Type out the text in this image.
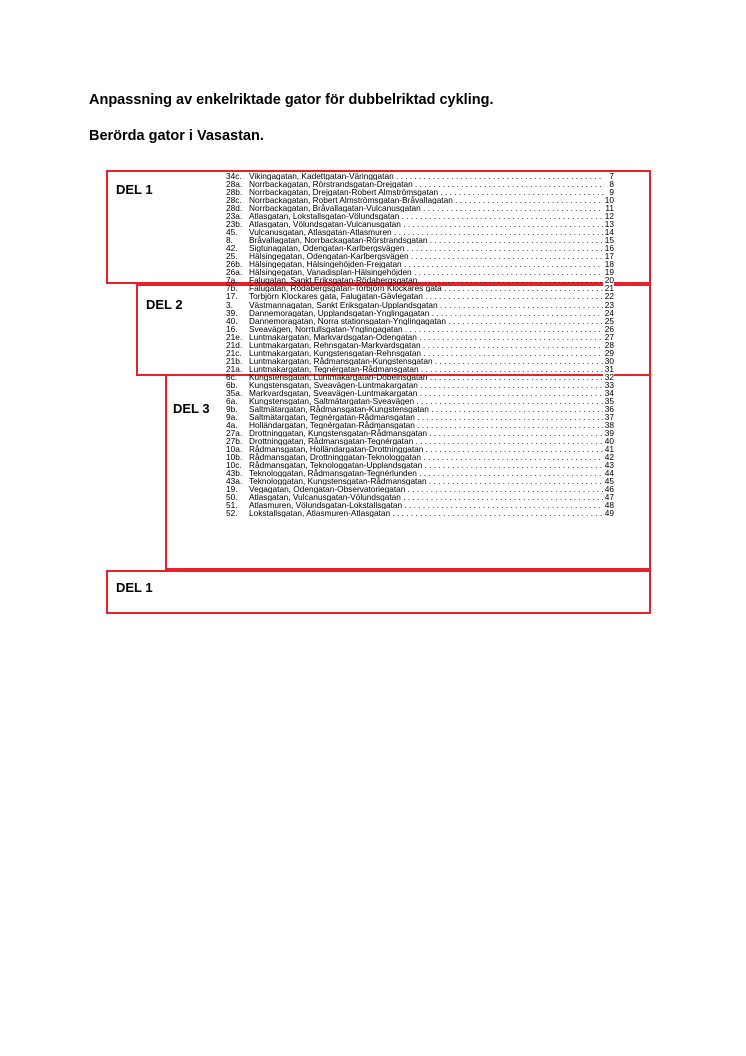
Anpassning av enkelriktade gator för dubbelriktad cykling.
Berörda gator i Vasastan.
DEL 1
DEL 2
DEL 3
DEL 1
34c. Vikingagatan, Kadettgatan-Väringgatan . . .	7
28a. Norrbackagatan, Rörstrandsgatan-Drejgatan . . .	8
28b. Norrbackagatan, Drejgatan-Robert Almströmsgatan . . .	9
28c. Norrbackagatan, Robert Almströmsgatan-Bråvallagatan . . .	10
28d. Norrbackagatan, Bråvallagatan-Vulcanusgatan . . .	11
23a. Atlasgatan, Lokstallsgatan-Völundsgatan . . .	12
23b. Atlasgatan, Völundsgatan-Vulcanusgatan . . .	13
45. Vulcanusgatan, Atlasgatan-Atlasmuren . . .	14
8. Bråvallagatan, Norrbackagatan-Rörstrandsgatan . . .	15
42. Sigtunagatan, Odengatan-Karlbergsvägen . . .	16
25. Hälsingegatan, Odengatan-Karlbergsvägen . . .	17
26b. Hälsingegatan, Hälsingehöjden-Frejgatan . . .	18
26a. Hälsingegatan, Vanadisplan-Hälsingehöjden . . .	19
7a. Falugatan, Sankt Eriksgatan-Rödabergsgatan . . .	20
7b. Falugatan, Rödabergsgatan-Torbjörn Klockares gata . . .	21
17. Torbjörn Klockares gata, Falugatan-Gävlegatan . . .	22
3. Västmannagatan, Sankt Eriksgatan-Upplandsgatan . . .	23
39. Dannemoragatan, Upplandsgatan-Ynglingagatan . . .	24
40. Dannemoragatan, Norra stationsgatan-Ynglingagatan . . .	25
16. Sveavägen, Norrtullsgatan-Ynglingagatan . . .	26
21e. Luntmakargatan, Markvardsgatan-Odengatan . . .	27
21d. Luntmakargatan, Rehnsgatan-Markvardsgatan . . .	28
21c. Luntmakargatan, Kungstensgatan-Rehnsgatan . . .	29
21b. Luntmakargatan, Rådmansgatan-Kungstensgatan . . .	30
21a. Luntmakargatan, Tegnérgatan-Rådmansgatan . . .	31
6c. Kungstensgatan, Luntmakargatan-Döbelnsgatan . . .	32
6b. Kungstensgatan, Sveavägen-Luntmakargatan . . .	33
35a. Markvardsgatan, Sveavägen-Luntmakargatan . . .	34
6a. Kungstensgatan, Saltmätargatan-Sveavägen . . .	35
9b. Saltmätargatan, Rådmansgatan-Kungstensgatan . . .	36
9a. Saltmätargatan, Tegnérgatan-Rådmansgatan . . .	37
4a. Holländargatan, Tegnérgatan-Rådmansgatan . . .	38
27a. Drottninggatan, Kungstensgatan-Rådmansgatan . . .	39
27b. Drottninggatan, Rådmansgatan-Tegnérgatan . . .	40
10a. Rådmansgatan, Holländargatan-Drottninggatan . . .	41
10b. Rådmansgatan, Drottninggatan-Teknologgatan . . .	42
10c. Rådmansgatan, Teknologgatan-Upplandsgatan . . .	43
43b. Teknologgatan, Rådmansgatan-Tegnérlunden . . .	44
43a. Teknologgatan, Kungstensgatan-Rådmansgatan . . .	45
19. Vegagatan, Odengatan-Observatoriegatan . . .	46
50. Atlasgatan, Vulcanusgatan-Völundsgatan . . .	47
51. Atlasmuren, Völundsgatan-Lokstallsgatan . . .	48
52. Lokstallsgatan, Atlasmuren-Atlasgatan . . .	49
